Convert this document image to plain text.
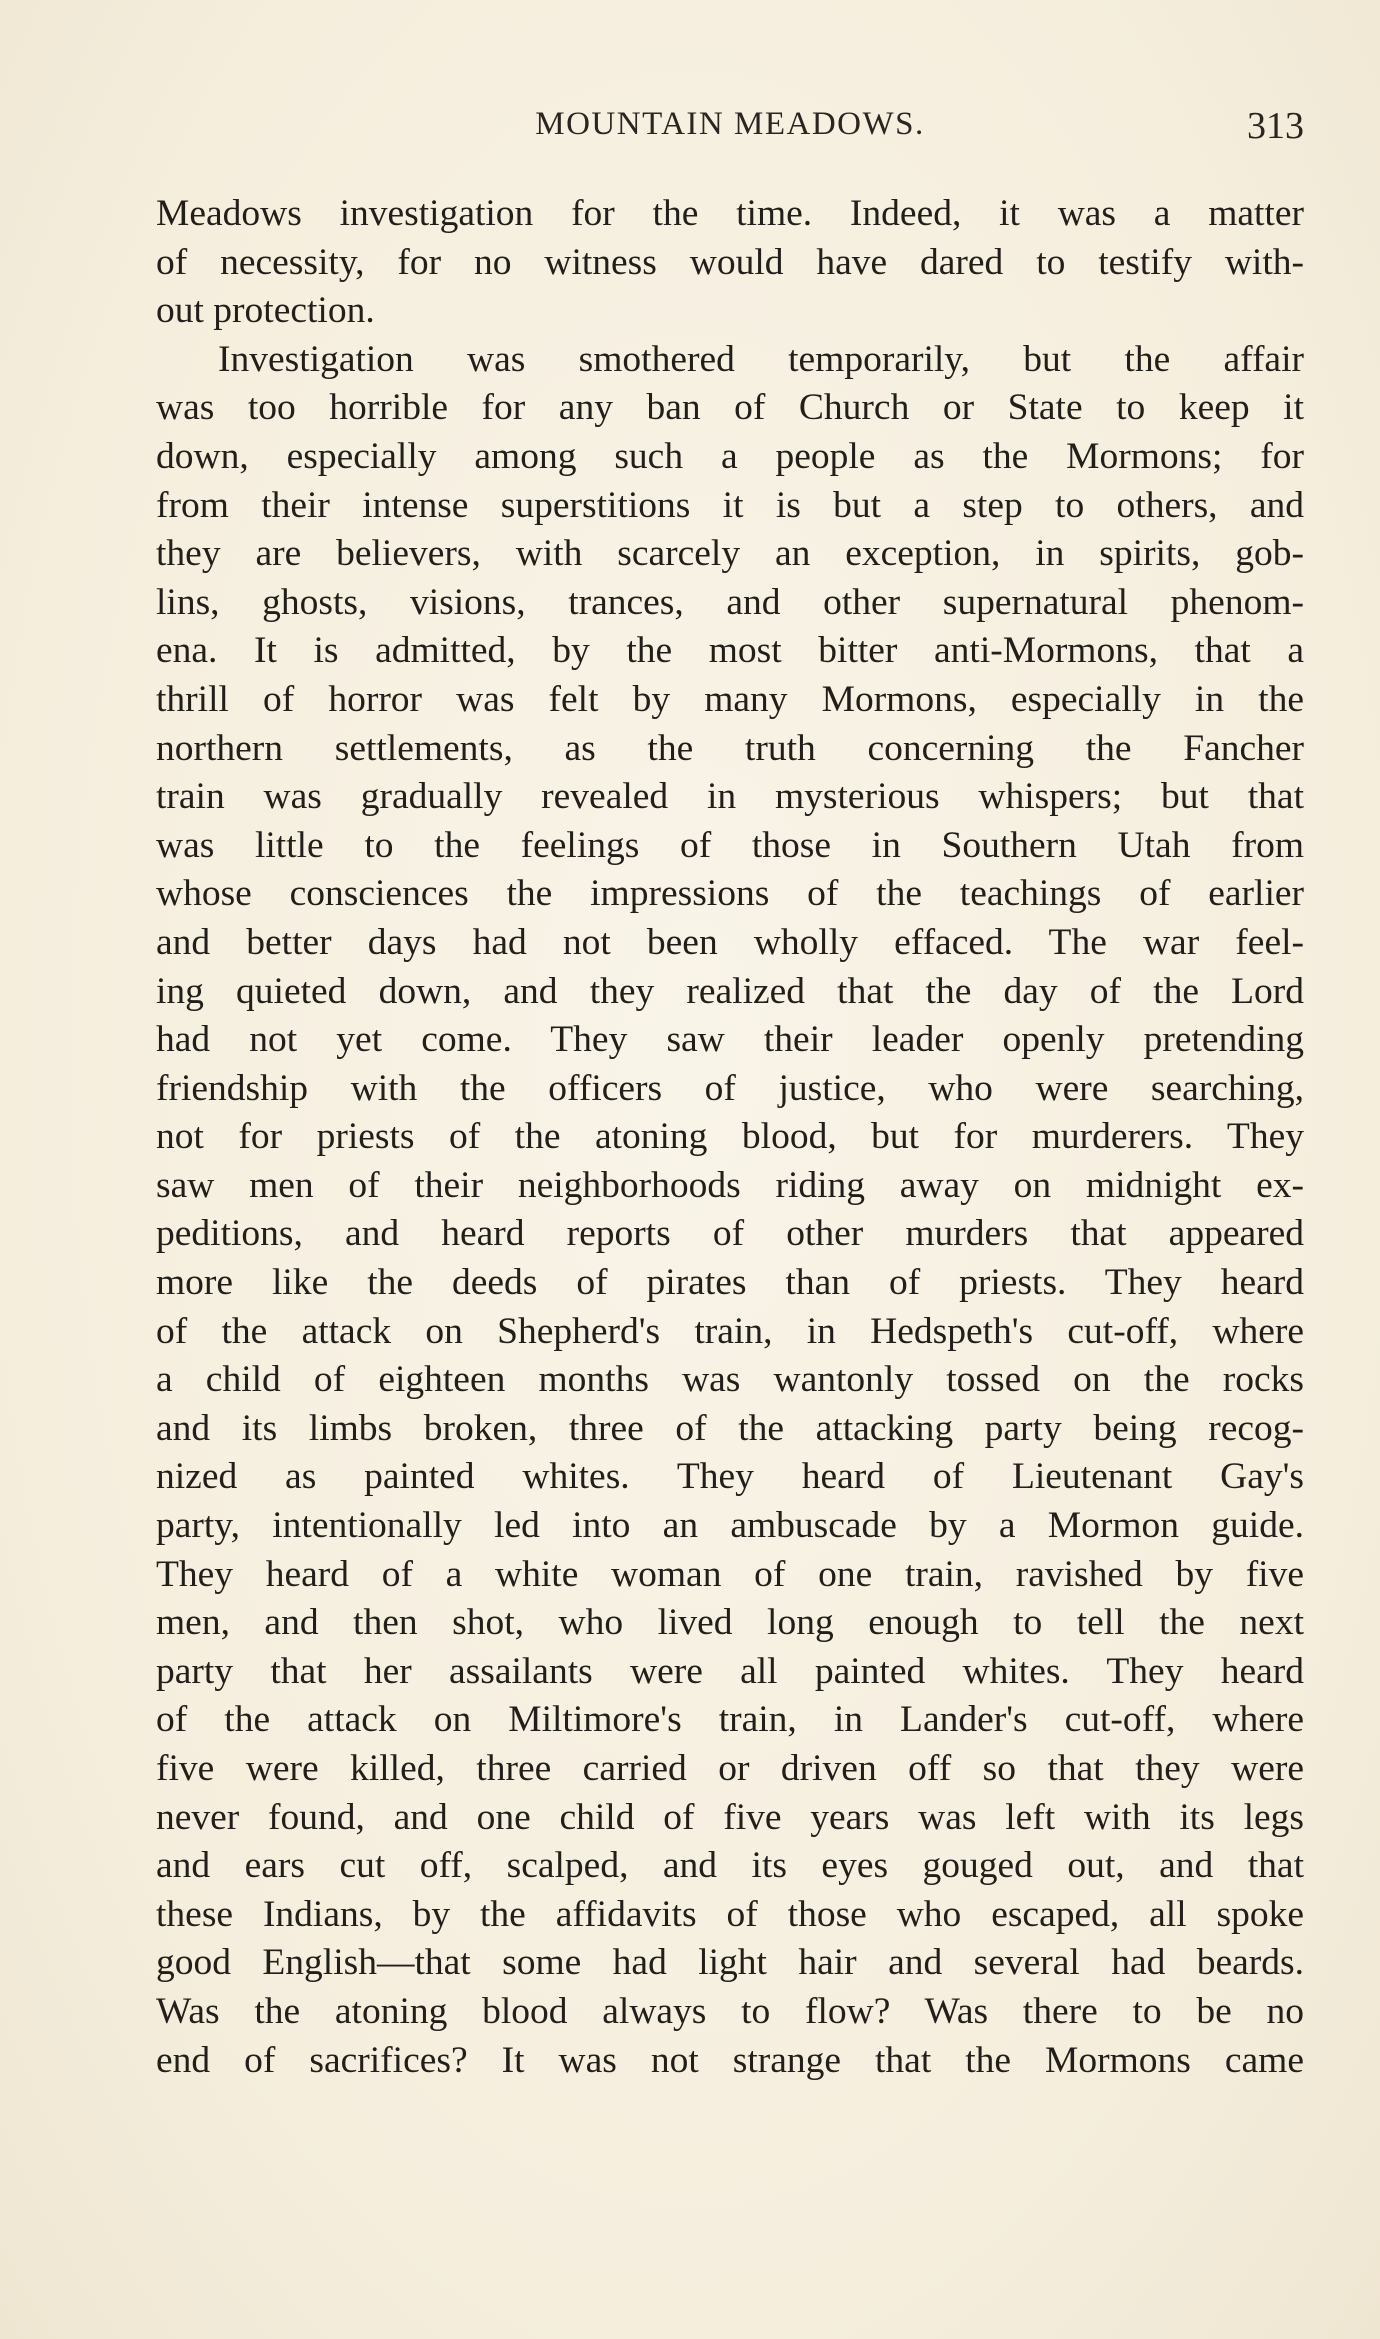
MOUNTAIN MEADOWS.	313
Meadows investigation for the time. Indeed, it was a matter
of necessity, for no witness would have dared to testify with-
out protection.
Investigation was smothered temporarily, but the affair
was too horrible for any ban of Church or State to keep it
down, especially among such a people as the Mormons; for
from their intense superstitions it is but a step to others, and
they are believers, with scarcely an exception, in spirits, gob-
lins, ghosts, visions, trances, and other supernatural phenom-
ena. It is admitted, by the most bitter anti-Mormons, that a
thrill of horror was felt by many Mormons, especially in the
northern settlements, as the truth concerning the Fancher
train was gradually revealed in mysterious whispers; but that
was little to the feelings of those in Southern Utah from
whose consciences the impressions of the teachings of earlier
and better days had not been wholly effaced. The war feel-
ing quieted down, and they realized that the day of the Lord
had not yet come. They saw their leader openly pretending
friendship with the officers of justice, who were searching,
not for priests of the atoning blood, but for murderers. They
saw men of their neighborhoods riding away on midnight ex-
peditions, and heard reports of other murders that appeared
more like the deeds of pirates than of priests. They heard
of the attack on Shepherd's train, in Hedspeth's cut-off, where
a child of eighteen months was wantonly tossed on the rocks
and its limbs broken, three of the attacking party being recog-
nized as painted whites. They heard of Lieutenant Gay's
party, intentionally led into an ambuscade by a Mormon guide.
They heard of a white woman of one train, ravished by five
men, and then shot, who lived long enough to tell the next
party that her assailants were all painted whites. They heard
of the attack on Miltimore's train, in Lander's cut-off, where
five were killed, three carried or driven off so that they were
never found, and one child of five years was left with its legs
and ears cut off, scalped, and its eyes gouged out, and that
these Indians, by the affidavits of those who escaped, all spoke
good English—that some had light hair and several had beards.
Was the atoning blood always to flow? Was there to be no
end of sacrifices? It was not strange that the Mormons came
